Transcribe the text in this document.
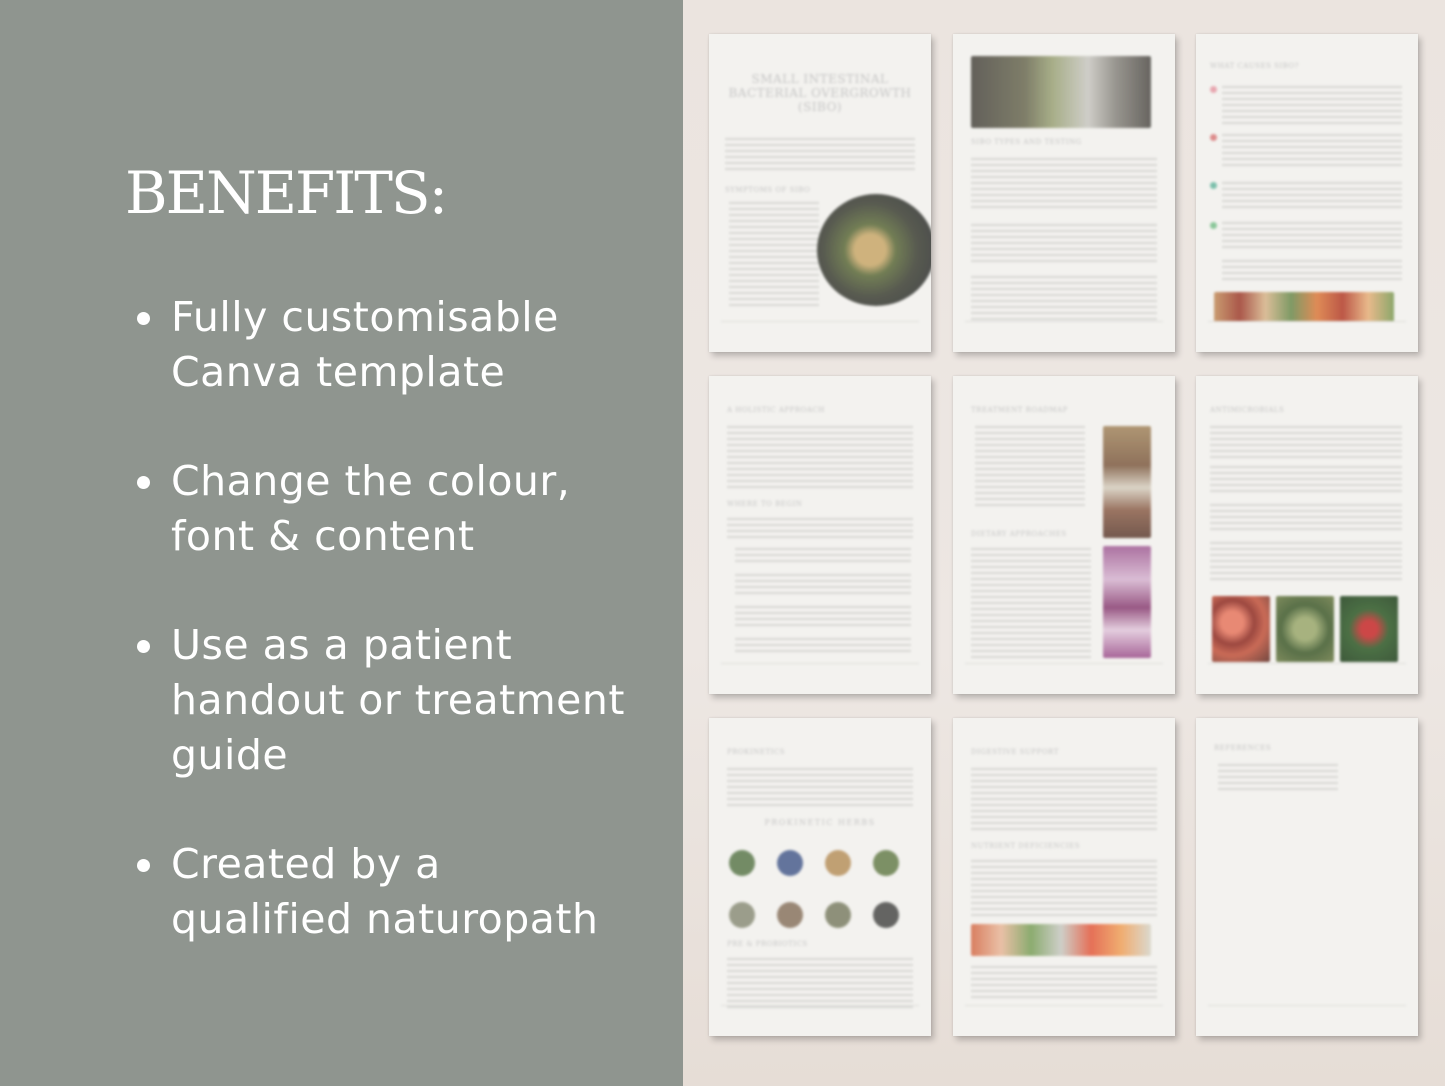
BENEFITS:
Fully customisable
Canva template
Change the colour,
font & content
Use as a patient
handout or treatment
guide
Created by a
qualified naturopath
SMALL INTESTINAL BACTERIAL OVERGROWTH (SIBO)
SYMPTOMS OF SIBO
SIBO TYPES AND TESTING
WHAT CAUSES SIBO?
A HOLISTIC APPROACH
WHERE TO BEGIN
TREATMENT ROADMAP
DIETARY APPROACHES
ANTIMICROBIALS
PROKINETICS
PROKINETIC HERBS
PRE & PROBIOTICS
DIGESTIVE SUPPORT
NUTRIENT DEFICIENCIES
REFERENCES
